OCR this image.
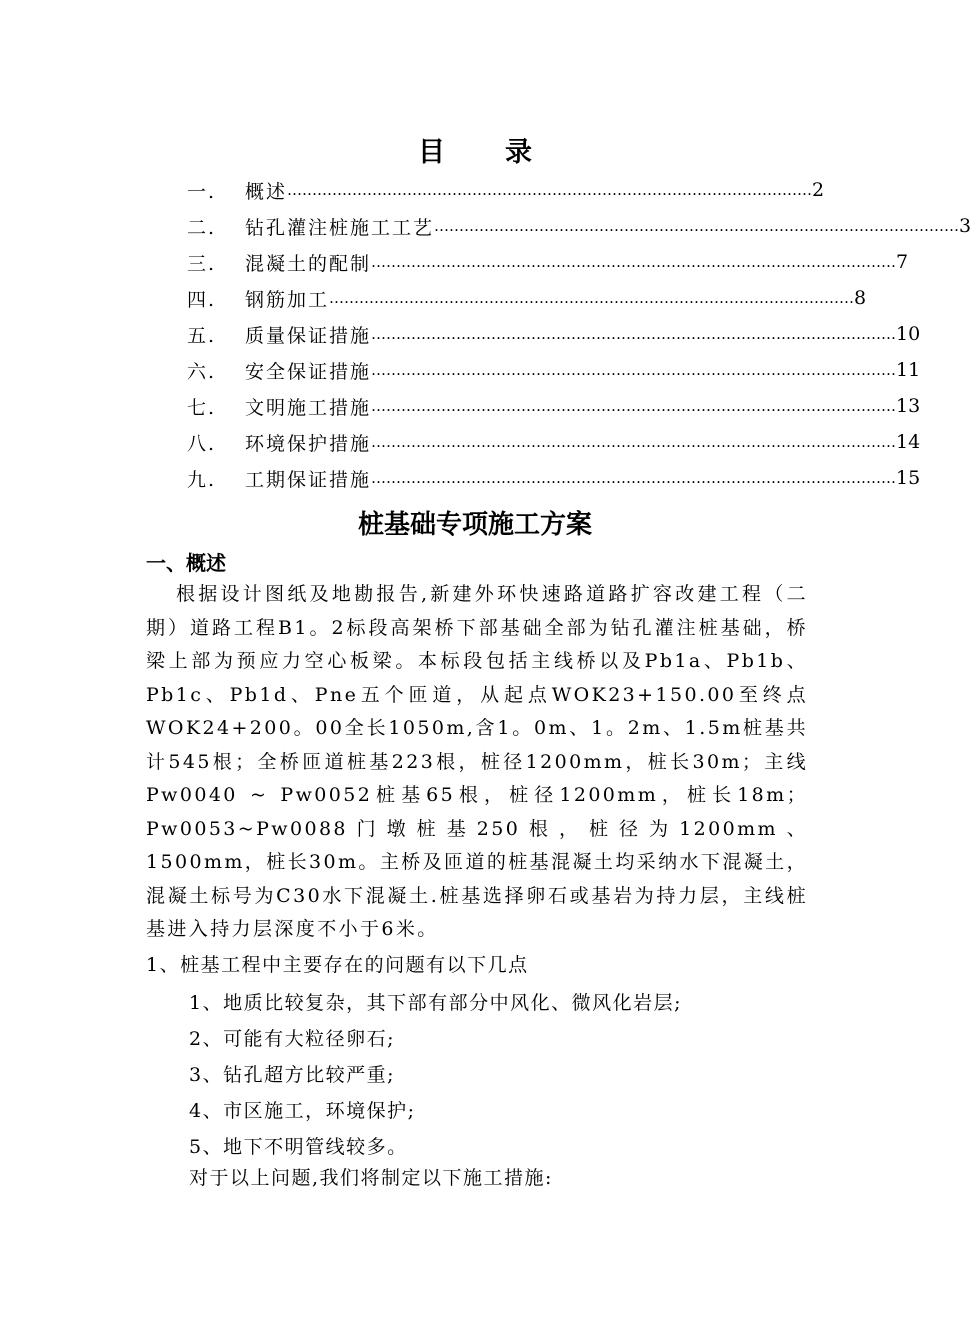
目 录
一.	概述 …………………………………………………………………………………………… 2
二.	钻孔灌注桩施工工艺 …………………………………………………………………………………………… 3
三.	混凝土的配制 …………………………………………………………………………………………… 7
四.	钢筋加工 …………………………………………………………………………………………… 8
五.	质量保证措施 …………………………………………………………………………………………… 10
六.	安全保证措施 …………………………………………………………………………………………… 11
七.	文明施工措施 …………………………………………………………………………………………… 13
八.	环境保护措施 …………………………………………………………………………………………… 14
九.	工期保证措施 …………………………………………………………………………………………… 15
桩基础专项施工方案
一、概述
根据设计图纸及地勘报告,新建外环快速路道路扩容改建工程（二期）道路工程B1。2标段高架桥下部基础全部为钻孔灌注桩基础，桥梁上部为预应力空心板梁。本标段包括主线桥以及Pb1a、Pb1b、Pb1c、Pb1d、Pne五个匝道，从起点WOK23+150.00至终点WOK24+200。00全长1050m,含1。0m、1。2m、1.5m桩基共计545根；全桥匝道桩基223根，桩径1200mm，桩长30m；主线Pw0040 ~ Pw0052桩基65根，桩径1200mm，桩长18m；Pw0053~Pw0088门墩桩基250根，桩径为1200mm、1500mm，桩长30m。主桥及匝道的桩基混凝土均采纳水下混凝土，混凝土标号为C30水下混凝土.桩基选择卵石或基岩为持力层，主线桩基进入持力层深度不小于6米。
1、桩基工程中主要存在的问题有以下几点
1、地质比较复杂，其下部有部分中风化、微风化岩层;
2、可能有大粒径卵石;
3、钻孔超方比较严重;
4、市区施工，环境保护;
5、地下不明管线较多。
对于以上问题,我们将制定以下施工措施:
